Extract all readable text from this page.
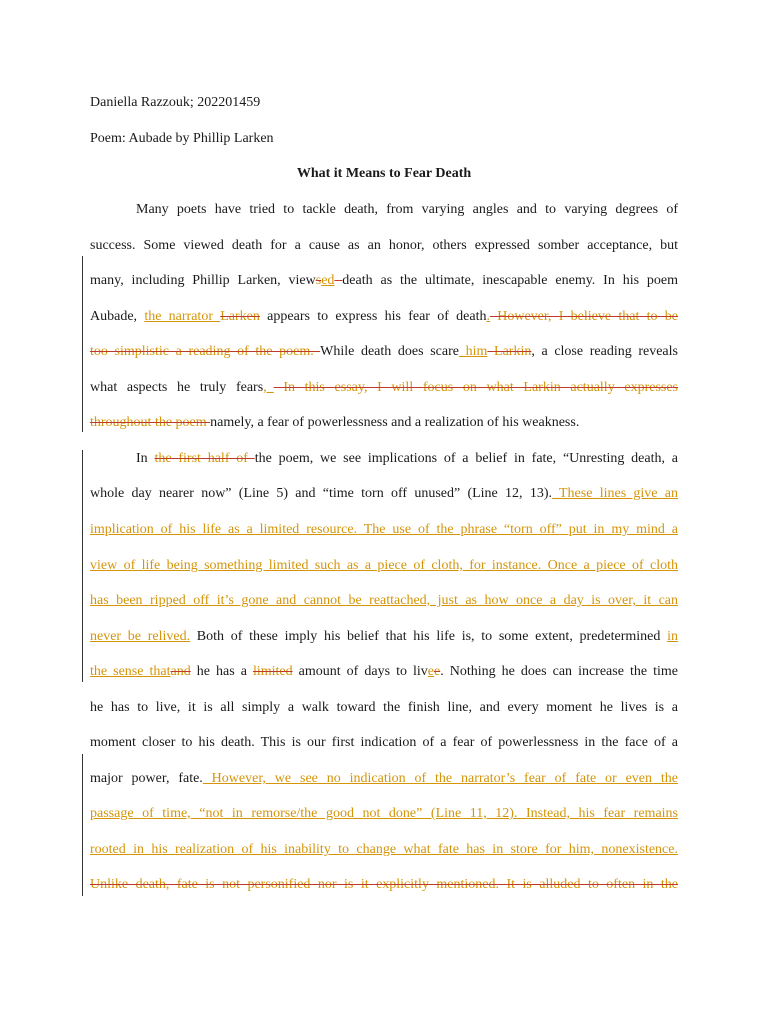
Daniella Razzouk; 202201459
Poem: Aubade by Phillip Larken
What it Means to Fear Death
Many poets have tried to tackle death, from varying angles and to varying degrees of
success. Some viewed death for a cause as an honor, others expressed somber acceptance, but
many, including Phillip Larken, viewsed death as the ultimate, inescapable enemy. In his poem
Aubade, the narrator Larken appears to express his fear of death. However, I believe that to be
too simplistic a reading of the poem. While death does scare him Larkin, a close reading reveals
what aspects he truly fears,_ In this essay, I will focus on what Larkin actually expresses
throughout the poem namely, a fear of powerlessness and a realization of his weakness.
In the first half of the poem, we see implications of a belief in fate, “Unresting death, a
whole day nearer now” (Line 5) and “time torn off unused” (Line 12, 13). These lines give an
implication of his life as a limited resource. The use of the phrase “torn off” put in my mind a
view of life being something limited such as a piece of cloth, for instance. Once a piece of cloth
has been ripped off it’s gone and cannot be reattached, just as how once a day is over, it can
never be relived. Both of these imply his belief that his life is, to some extent, predetermined in
the sense thatand he has a limited amount of days to livee. Nothing he does can increase the time
he has to live, it is all simply a walk toward the finish line, and every moment he lives is a
moment closer to his death. This is our first indication of a fear of powerlessness in the face of a
major power, fate. However, we see no indication of the narrator’s fear of fate or even the
passage of time, “not in remorse/the good not done” (Line 11, 12). Instead, his fear remains
rooted in his realization of his inability to change what fate has in store for him, nonexistence.
Unlike death, fate is not personified nor is it explicitly mentioned. It is alluded to often in the
